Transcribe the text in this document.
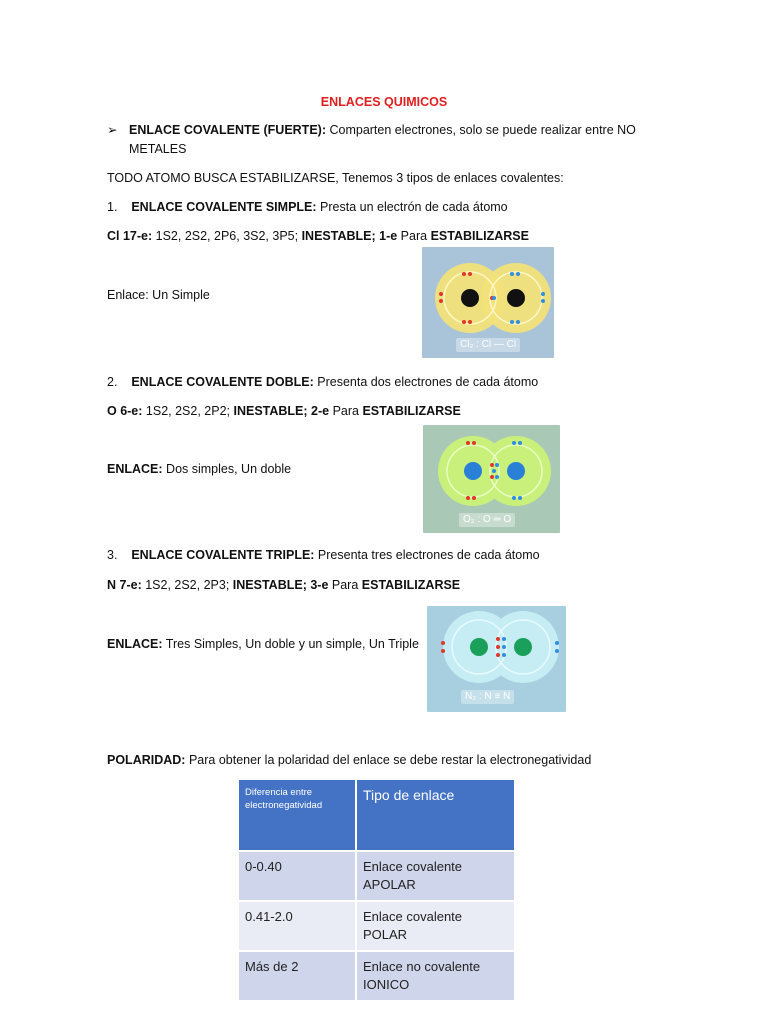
ENLACES QUIMICOS
➢ ENLACE COVALENTE (FUERTE): Comparten electrones, solo se puede realizar entre NO
METALES
TODO ATOMO BUSCA ESTABILIZARSE, Tenemos 3 tipos de enlaces covalentes:
1. ENLACE COVALENTE SIMPLE: Presta un electrón de cada átomo
Cl 17-e: 1S2, 2S2, 2P6, 3S2, 3P5; INESTABLE; 1-e Para ESTABILIZARSE
Enlace: Un Simple
Cl₂ : Cl — Cl
2. ENLACE COVALENTE DOBLE: Presenta dos electrones de cada átomo
O 6-e: 1S2, 2S2, 2P2; INESTABLE; 2-e Para ESTABILIZARSE
ENLACE: Dos simples, Un doble
O₂ : O ═ O
3. ENLACE COVALENTE TRIPLE: Presenta tres electrones de cada átomo
N 7-e: 1S2, 2S2, 2P3; INESTABLE; 3-e Para ESTABILIZARSE
ENLACE: Tres Simples, Un doble y un simple, Un Triple
N₂ : N ≡ N
POLARIDAD: Para obtener la polaridad del enlace se debe restar la electronegatividad
Diferencia entre electronegatividad	Tipo de enlace
0-0.40	Enlace covalente APOLAR
0.41-2.0	Enlace covalente POLAR
Más de 2	Enlace no covalente IONICO
